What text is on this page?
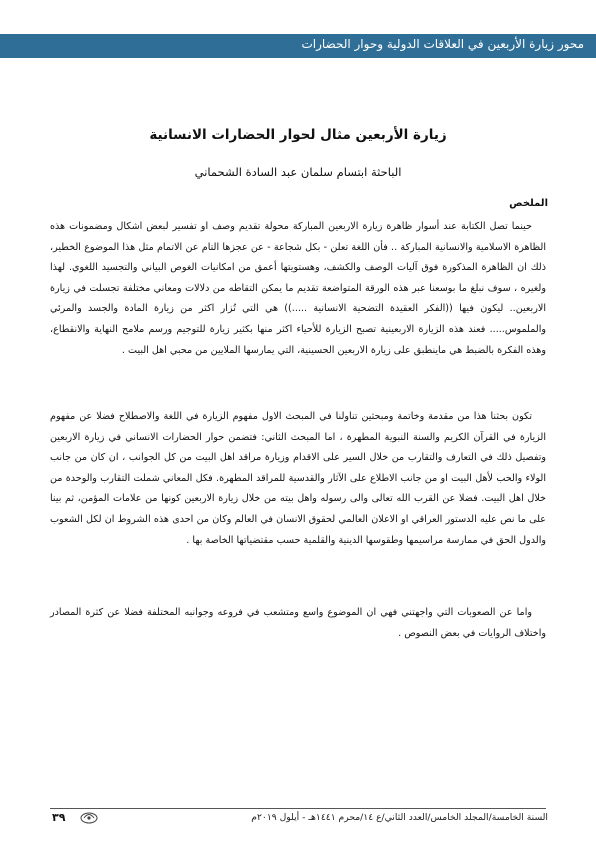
محور زيارة الأربعين في العلاقات الدولية وحوار الحضارات
زيارة الأربعين مثال لحوار الحضارات الانسانية
الباحثة ابتسام سلمان عبد السادة الشحماني
الملخص

حينما تصل الكتابة عند أسوار ظاهرة زيارة الاربعين المباركة محولة تقديم وصف او تفسير لبعض اشكال ومضمونات هذه الظاهرة الاسلامية والانسانية المباركة .. فأن اللغة تعلن - بكل شجاعة - عن عجزها التام عن الاتمام مثل هذا الموضوع الخطير، ذلك ان الظاهرة المذكورة فوق آليات الوصف والكشف، وهستويتها أعمق من امكانيات الغوص البياني والتجسيد اللغوي. لهذا ولغيره ، سوف نبلغ ما بوسعنا عبر هذه الورقة المتواضعة تقديم ما يمكن التقاطه من دلالات ومعاني مختلفة تجسلت في زيارة الاربعين.. ليكون فيها ((الفكر العقيدة التضحية الانسانية .....)) هي التي تُزار اكثر من زيارة المادة والجسد والمرئي والملموس..... فعند هذه الزيارة الاربعينية تصبح الزيارة للأحياء اكثر منها بكثير زيارة للتوجيم ورسم ملامح النهاية والانقطاع، وهذه الفكرة بالضبط هي ماينطبق على زيارة الاربعين الحسينية، التي يمارسها الملايين من محبي اهل البيت .

تكون بحثنا هذا من مقدمة وخاتمة ومبحثين تناولنا في المبحث الاول مفهوم الزيارة في اللغة والاصطلاح فضلا عن مفهوم الزيارة في القرآن الكريم والسنة النبوية المطهرة ، اما المبحث الثاني: فتضمن حوار الحضارات الانساني في زيارة الاربعين وتفصيل ذلك في التعارف والتقارب من خلال السير على الاقدام وزيارة مراقد اهل البيت من كل الجوانب ، ان كان من جانب الولاء والحب لأهل البيت او من جانب الاطلاع على الآثار والقدسية للمراقد المطهرة. فكل المعاني شملت التقارب والوحدة من خلال اهل البيت. فضلا عن القرب الله تعالى والى رسوله واهل بيته من خلال زيارة الاربعين كونها من علامات المؤمن، ثم بينا على ما نص عليه الدستور العراقي او الاعلان العالمي لحقوق الانسان في العالم وكان من احدى هذه الشروط ان لكل الشعوب والدول الحق في ممارسة مراسيمها وطقوسها الدينية والقلمية حسب مقتضياتها الخاصة بها .

واما عن الصعوبات التي واجهتني فهي ان الموضوع واسع ومتشعب في فروعه وجوانبه المختلفة فضلا عن كثرة المصادر واختلاف الروايات في بعض النصوص .

السنة الخامسة/المجلد الخامس/العدد الثاني/ع ١٤/محرم ١٤٤١هـ - أيلول ٢٠١٩م
٣٩
